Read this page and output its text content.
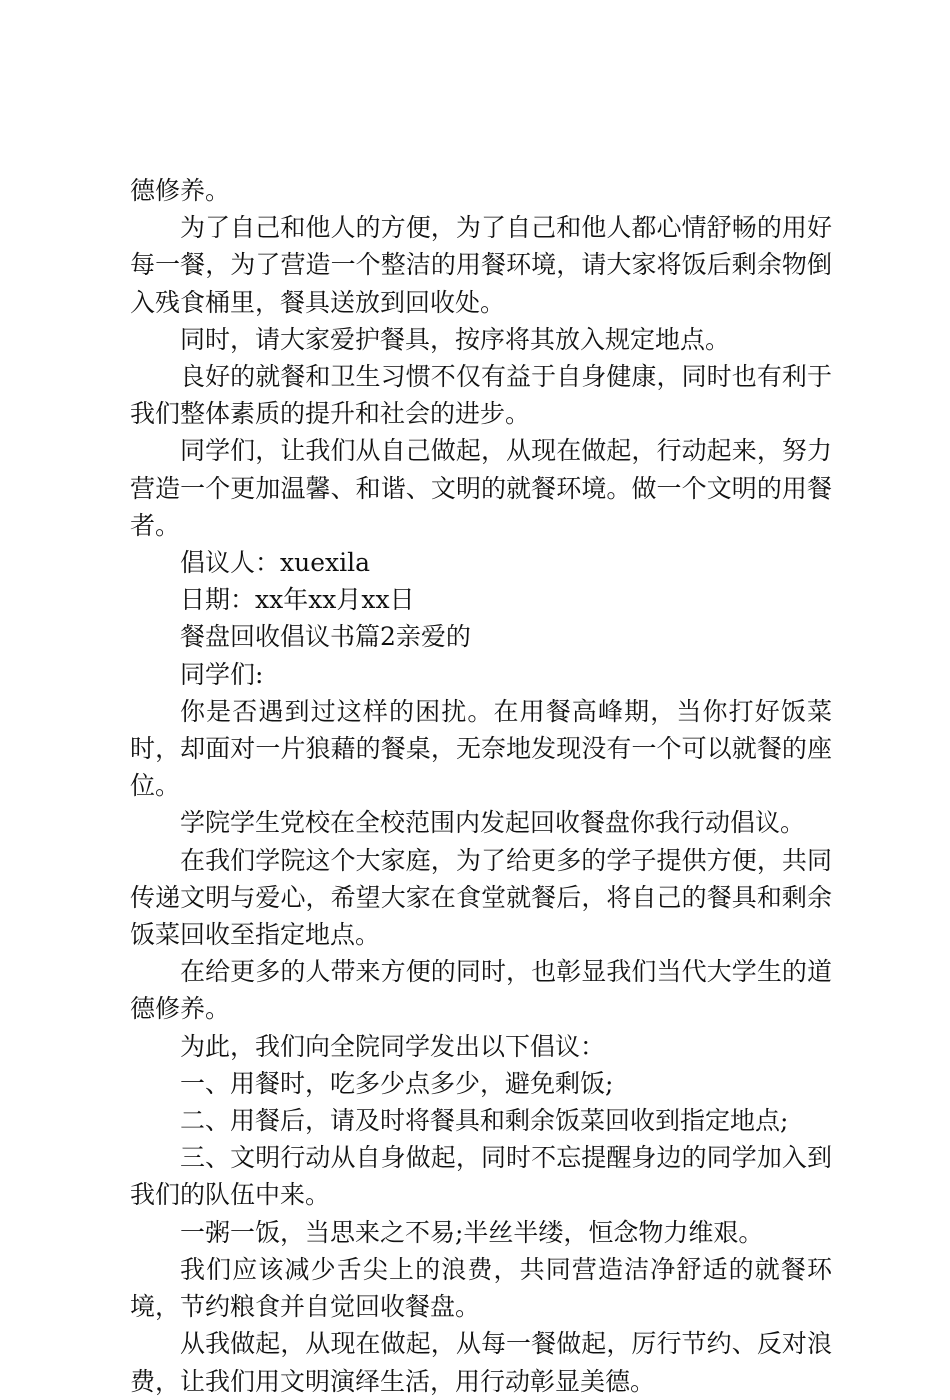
德修养。

为了自己和他人的方便，为了自己和他人都心情舒畅的用好每一餐，为了营造一个整洁的用餐环境，请大家将饭后剩余物倒入残食桶里，餐具送放到回收处。

同时，请大家爱护餐具，按序将其放入规定地点。

良好的就餐和卫生习惯不仅有益于自身健康，同时也有利于我们整体素质的提升和社会的进步。

同学们，让我们从自己做起，从现在做起，行动起来，努力营造一个更加温馨、和谐、文明的就餐环境。做一个文明的用餐者。

倡议人：xuexila

日期：xx年xx月xx日

餐盘回收倡议书篇2亲爱的

同学们:

你是否遇到过这样的困扰。在用餐高峰期，当你打好饭菜时，却面对一片狼藉的餐桌，无奈地发现没有一个可以就餐的座位。

学院学生党校在全校范围内发起回收餐盘你我行动倡议。

在我们学院这个大家庭，为了给更多的学子提供方便，共同传递文明与爱心，希望大家在食堂就餐后，将自己的餐具和剩余饭菜回收至指定地点。

在给更多的人带来方便的同时，也彰显我们当代大学生的道德修养。

为此，我们向全院同学发出以下倡议：

一、用餐时，吃多少点多少，避免剩饭;

二、用餐后，请及时将餐具和剩余饭菜回收到指定地点;

三、文明行动从自身做起，同时不忘提醒身边的同学加入到我们的队伍中来。

一粥一饭，当思来之不易;半丝半缕，恒念物力维艰。

我们应该减少舌尖上的浪费，共同营造洁净舒适的就餐环境，节约粮食并自觉回收餐盘。

从我做起，从现在做起，从每一餐做起，厉行节约、反对浪费，让我们用文明演绎生活，用行动彰显美德。
